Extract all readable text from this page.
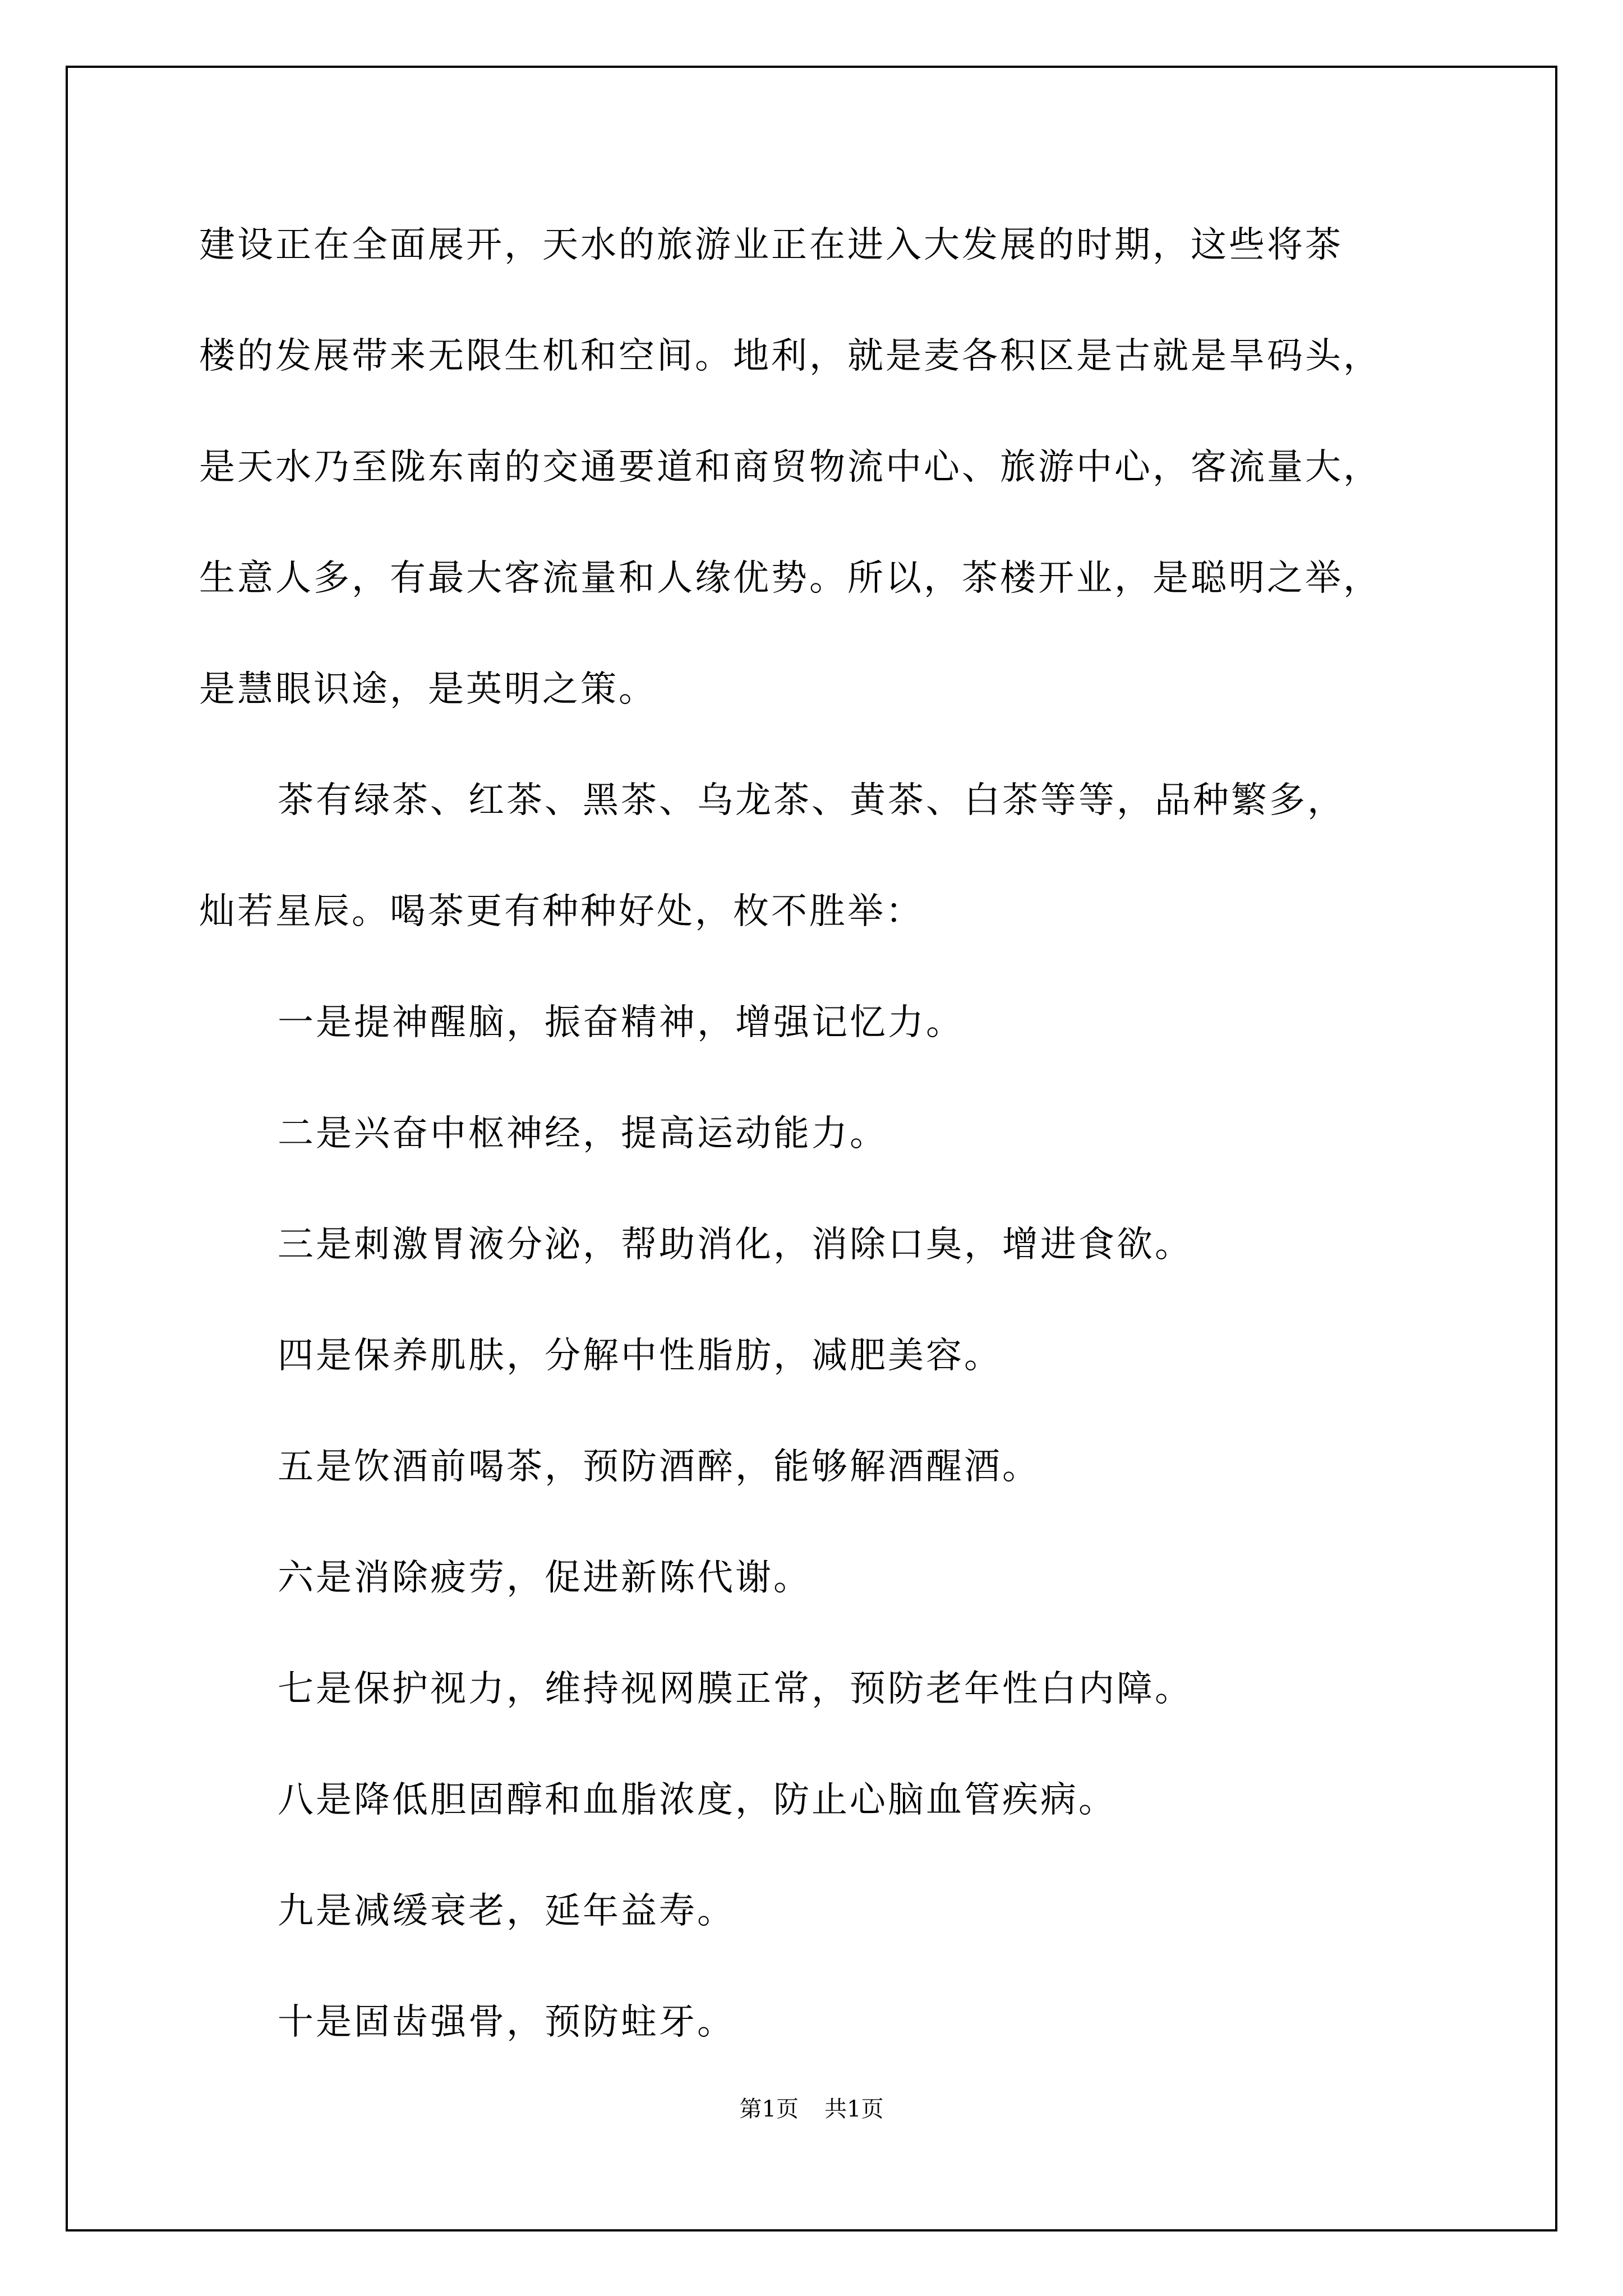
建设正在全面展开，天水的旅游业正在进入大发展的时期，这些将茶
楼的发展带来无限生机和空间。地利，就是麦各积区是古就是旱码头，
是天水乃至陇东南的交通要道和商贸物流中心、旅游中心，客流量大，
生意人多，有最大客流量和人缘优势。所以，茶楼开业，是聪明之举，
是慧眼识途，是英明之策。
茶有绿茶、红茶、黑茶、乌龙茶、黄茶、白茶等等，品种繁多，
灿若星辰。喝茶更有种种好处，枚不胜举：
一是提神醒脑，振奋精神，增强记忆力。
二是兴奋中枢神经，提高运动能力。
三是刺激胃液分泌，帮助消化，消除口臭，增进食欲。
四是保养肌肤，分解中性脂肪，减肥美容。
五是饮酒前喝茶，预防酒醉，能够解酒醒酒。
六是消除疲劳，促进新陈代谢。
七是保护视力，维持视网膜正常，预防老年性白内障。
八是降低胆固醇和血脂浓度，防止心脑血管疾病。
九是减缓衰老，延年益寿。
十是固齿强骨，预防蛀牙。
第1页 共1页
